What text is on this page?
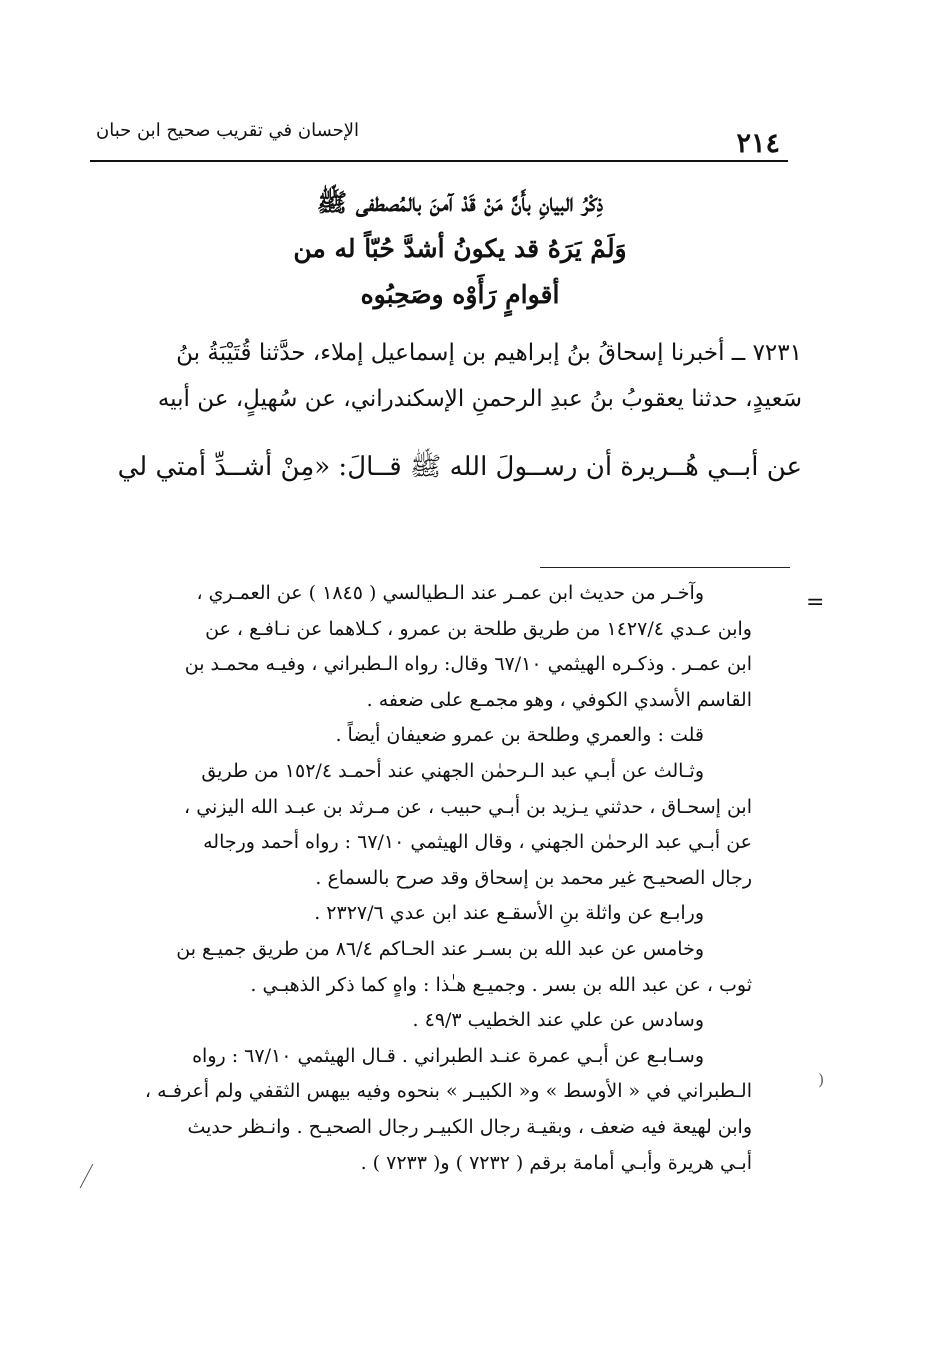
٢١٤
الإحسان في تقريب صحيح ابن حبان
ذِكْرُ البيانِ بأَنَّ مَنْ قَدْ آمنَ بالمُصطفى ﷺ
وَلَمْ يَرَهُ قد يكونُ أشدَّ حُبّاً له من
أقوامٍ رَأَوْه وصَحِبُوه
٧٢٣١ ــ أخبرنا إسحاقُ بنُ إبراهيم بن إسماعيل إملاء، حدَّثنا قُتَيْبَةُ بنُ
سَعيدٍ، حدثنا يعقوبُ بنُ عبدِ الرحمنِ الإسكندراني، عن سُهيلٍ، عن أبيه
عن أبــي هُــريرة أن رســولَ الله ﷺ قــالَ: «مِنْ أشــدِّ أمتي لي
=
وآخـر من حديث ابن عمـر عند الـطيالسي ( ١٨٤٥ ) عن العمـري ،
وابن عـدي ١٤٢٧/٤ من طريق طلحة بن عمرو ، كـلاهما عن نـافـع ، عن
ابن عمـر . وذكـره الهيثمي ٦٧/١٠ وقال: رواه الـطبراني ، وفيـه محمـد بن
القاسم الأسدي الكوفي ، وهو مجمـع على ضعفه .
قلت : والعمري وطلحة بن عمرو ضعيفان أيضاً .
وثـالث عن أبـي عبد الـرحمٰن الجهني عند أحمـد ١٥٢/٤ من طريق
ابن إسحـاق ، حدثني يـزيد بن أبـي حبيب ، عن مـرثد بن عبـد الله اليزني ،
عن أبـي عبد الرحمٰن الجهني ، وقال الهيثمي ٦٧/١٠ : رواه أحمد ورجاله
رجال الصحيـح غير محمد بن إسحاق وقد صرح بالسماع .
ورابـع عن واثلة بنِ الأسقـع عند ابن عدي ٢٣٢٧/٦ .
وخامس عن عبد الله بن بسـر عند الحـاكم ٨٦/٤ من طريق جميـع بن
ثوب ، عن عبد الله بن بسر . وجميـع هـٰذا : واهٍ كما ذكر الذهبـي .
وسادس عن علي عند الخطيب ٤٩/٣ .
وسـابـع عن أبـي عمرة عنـد الطبراني . قـال الهيثمي ٦٧/١٠ : رواه
الـطبراني في « الأوسط » و« الكبيـر » بنحوه وفيه بيهس الثقفي ولم أعرفـه ،
وابن لهيعة فيه ضعف ، وبقيـة رجال الكبيـر رجال الصحيـح . وانـظر حديث
أبـي هريرة وأبـي أمامة برقم ( ٧٢٣٢ ) و( ٧٢٣٣ ) .
)
